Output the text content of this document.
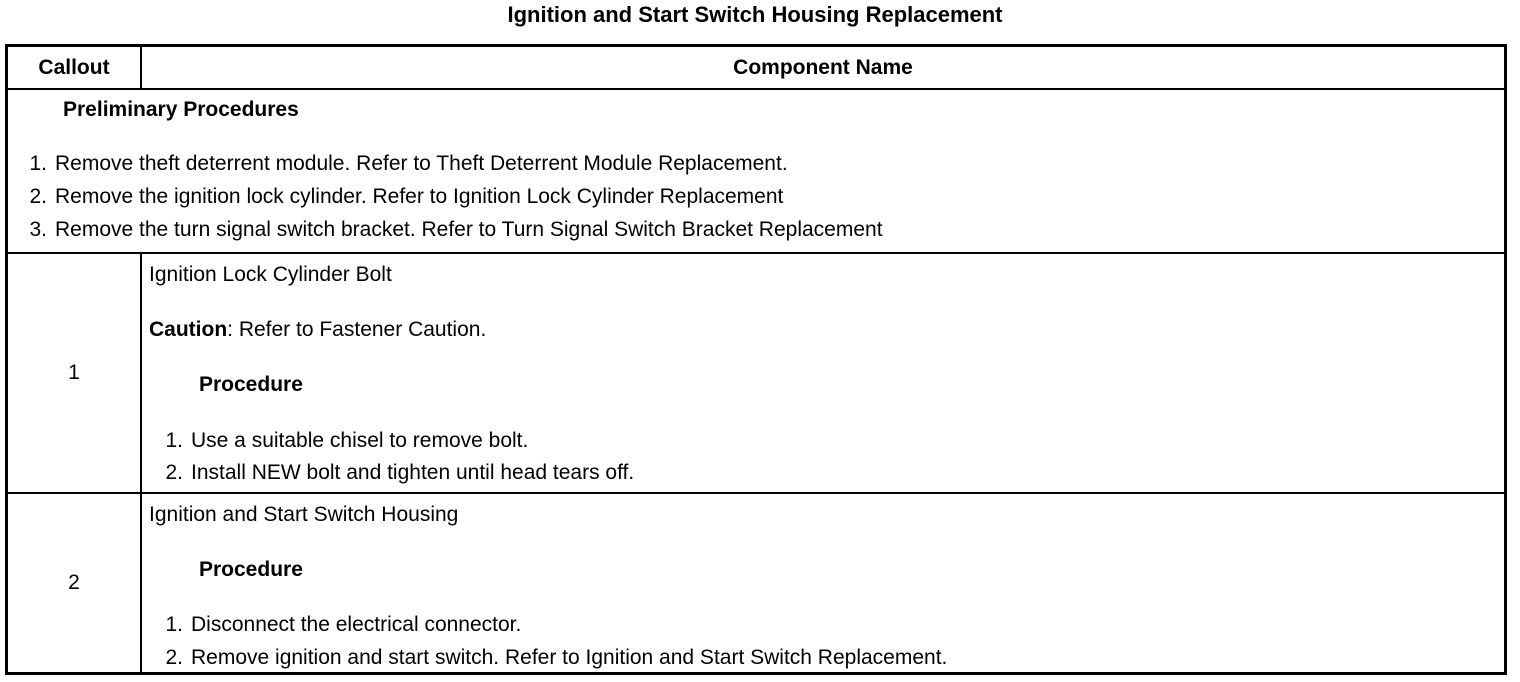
Ignition and Start Switch Housing Replacement
Callout	Component Name
Preliminary Procedures
1. Remove theft deterrent module. Refer to Theft Deterrent Module Replacement.
2. Remove the ignition lock cylinder. Refer to Ignition Lock Cylinder Replacement
3. Remove the turn signal switch bracket. Refer to Turn Signal Switch Bracket Replacement
1
Ignition Lock Cylinder Bolt
Caution: Refer to Fastener Caution.
Procedure
1. Use a suitable chisel to remove bolt.
2. Install NEW bolt and tighten until head tears off.
2
Ignition and Start Switch Housing
Procedure
1. Disconnect the electrical connector.
2. Remove ignition and start switch. Refer to Ignition and Start Switch Replacement.
